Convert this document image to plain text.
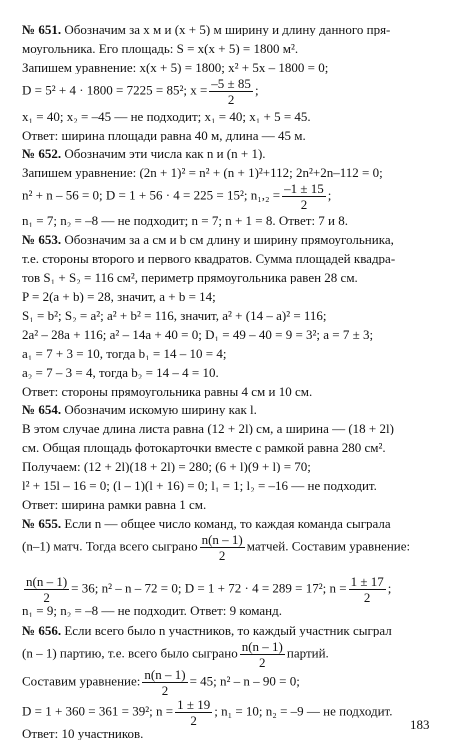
№ 651. Обозначим за x м и (x + 5) м ширину и длину данного пря-
моугольника. Его площадь: S = x(x + 5) = 1800 м².
Запишем уравнение: x(x + 5) = 1800; x² + 5x – 1800 = 0;
D = 5² + 4 · 1800 = 7225 = 85²; $x = \frac{-5 \pm 85}{2}$ ;
x₁ = 40; x₂ = –45 — не подходит; x₁ = 40; x₁ + 5 = 45.
Ответ: ширина площади равна 40 м, длина — 45 м.
№ 652. Обозначим эти числа как n и (n + 1).
Запишем уравнение: (2n + 1)² = n² + (n + 1)²+112; 2n²+2n–112 = 0;
n² + n – 56 = 0; D = 1 + 56 · 4 = 225 = 15²; $n_1,_2 = \frac{-1 \pm 15}{2}$ ;
n₁ = 7; n₂ = –8 — не подходит; n = 7; n + 1 = 8. Ответ: 7 и 8.
№ 653. Обозначим за a см и b см длину и ширину прямоугольника,
т.е. стороны второго и первого квадратов. Сумма площадей квадра-
тов S₁ + S₂ = 116 см², периметр прямоугольника равен 28 см.
P = 2(a + b) = 28, значит, a + b = 14;
S₁ = b²; S₂ = a²; a² + b² = 116, значит, a² + (14 – a)² = 116;
2a² – 28a + 116; a² – 14a + 40 = 0; D₁ = 49 – 40 = 9 = 3²; a = 7 ± 3;
a₁ = 7 + 3 = 10, тогда b₁ = 14 – 10 = 4;
a₂ = 7 – 3 = 4, тогда b₂ = 14 – 4 = 10.
Ответ: стороны прямоугольника равны 4 см и 10 см.
№ 654. Обозначим искомую ширину как l.
В этом случае длина листа равна (12 + 2l) см, а ширина — (18 + 2l)
см. Общая площадь фотокарточки вместе с рамкой равна 280 см².
Получаем: (12 + 2l)(18 + 2l) = 280; (6 + l)(9 + l) = 70;
l² + 15l – 16 = 0; (l – 1)(l + 16) = 0; l₁ = 1; l₂ = –16 — не подходит.
Ответ: ширина рамки равна 1 см.
№ 655. Если n — общее число команд, то каждая команда сыграла
(n–1) матч. Тогда всего сыграно $\frac{n(n - 1)}{2}$ матчей. Составим уравнение:
$\frac{n(n - 1)}{2} = 36$; n² – n – 72 = 0; D = 1 + 72 · 4 = 289 = 17²; $n = \frac{1 \pm 17}{2}$ ;
n₁ = 9; n₂ = –8 — не подходит. Ответ: 9 команд.
№ 656. Если всего было n участников, то каждый участник сыграл
(n – 1) партию, т.е. всего было сыграно $\frac{n(n - 1)}{2}$ партий.
Составим уравнение: $\frac{n(n - 1)}{2} = 45$; n² – n – 90 = 0;
D = 1 + 360 = 361 = 39²; $n = \frac{1 \pm 19}{2}$ ; n₁ = 10; n₂ = –9 — не подходит.
Ответ: 10 участников.
183
